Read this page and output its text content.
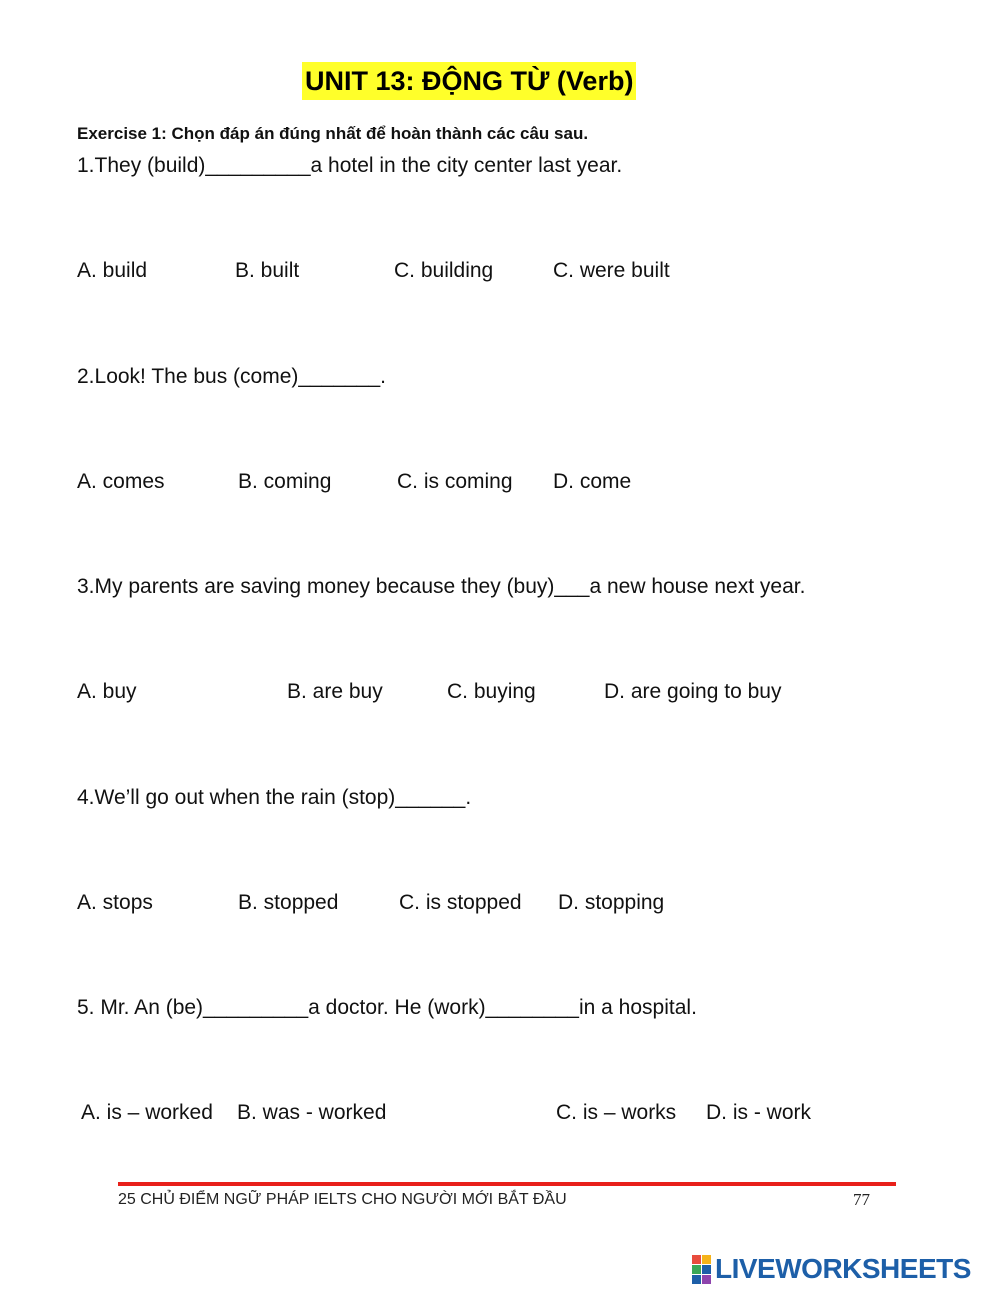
UNIT 13: ĐỘNG TỪ (Verb)
Exercise 1: Chọn đáp án đúng nhất để hoàn thành các câu sau.
1.They (build)_________a hotel in the city center last year.
A. build	B. built	C. building	C. were built
2.Look! The bus (come)_______.
A. comes	B. coming	C. is coming D. come
3.My parents are saving money because they (buy)___a new house next year.
A. buy	B. are buy	C. buying	D. are going to buy
4.We’ll go out when the rain (stop)______.
A. stops	B. stopped	C. is stopped D. stopping
5. Mr. An (be)_________a doctor. He (work)________in a hospital.
A. is – worked B. was - worked	C. is – works D. is - work
25 CHỦ ĐIỂM NGỮ PHÁP IELTS CHO NGƯỜI MỚI BẮT ĐẦU	77
LIVEWORKSHEETS
